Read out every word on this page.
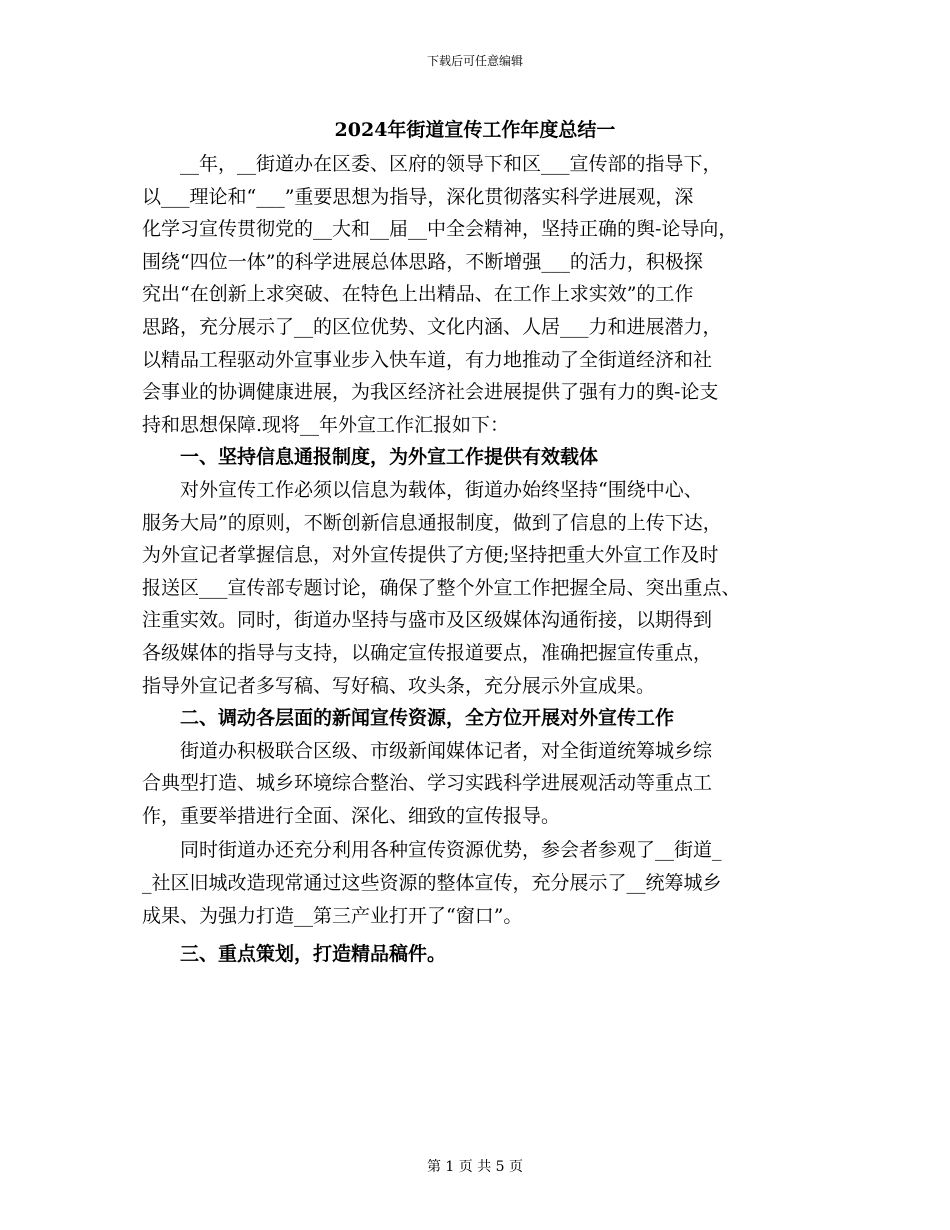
下载后可任意编辑
2024年街道宣传工作年度总结一
　　__年，__街道办在区委、区府的领导下和区___宣传部的指导下，
以___理论和“___”重要思想为指导，深化贯彻落实科学进展观，深
化学习宣传贯彻党的__大和__届__中全会精神，坚持正确的舆-论导向，
围绕“四位一体”的科学进展总体思路，不断增强___的活力，积极探
究出“在创新上求突破、在特色上出精品、在工作上求实效”的工作
思路，充分展示了__的区位优势、文化内涵、人居___力和进展潜力，
以精品工程驱动外宣事业步入快车道，有力地推动了全街道经济和社
会事业的协调健康进展，为我区经济社会进展提供了强有力的舆-论支
持和思想保障.现将__年外宣工作汇报如下：
　　一、坚持信息通报制度，为外宣工作提供有效载体
　　对外宣传工作必须以信息为载体，街道办始终坚持“围绕中心、
服务大局”的原则，不断创新信息通报制度，做到了信息的上传下达，
为外宣记者掌握信息，对外宣传提供了方便;坚持把重大外宣工作及时
报送区___宣传部专题讨论，确保了整个外宣工作把握全局、突出重点、
注重实效。同时，街道办坚持与盛市及区级媒体沟通衔接，以期得到
各级媒体的指导与支持，以确定宣传报道要点，准确把握宣传重点，
指导外宣记者多写稿、写好稿、攻头条，充分展示外宣成果。
　　二、调动各层面的新闻宣传资源，全方位开展对外宣传工作
　　街道办积极联合区级、市级新闻媒体记者，对全街道统筹城乡综
合典型打造、城乡环境综合整治、学习实践科学进展观活动等重点工
作，重要举措进行全面、深化、细致的宣传报导。
　　同时街道办还充分利用各种宣传资源优势，参会者参观了__街道_
_社区旧城改造现常通过这些资源的整体宣传，充分展示了__统筹城乡
成果、为强力打造__第三产业打开了“窗口”。
　　三、重点策划，打造精品稿件。
第 1 页 共 5 页
